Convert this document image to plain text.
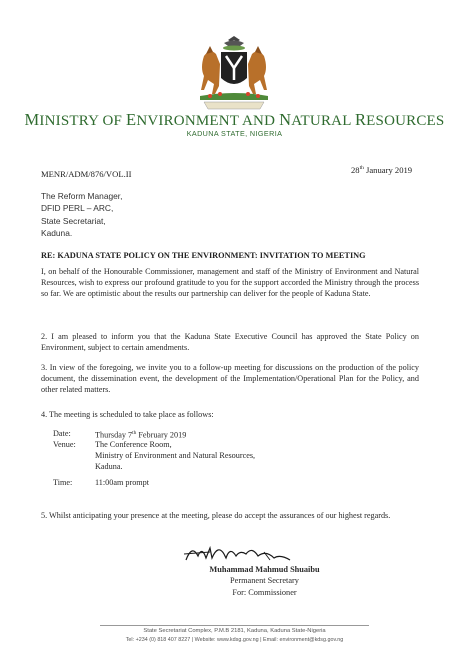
MINISTRY OF ENVIRONMENT AND NATURAL RESOURCES
KADUNA STATE, NIGERIA
MENR/ADM/876/VOL.II	28th January 2019
The Reform Manager,
DFID PERL – ARC,
State Secretariat,
Kaduna.
RE: KADUNA STATE POLICY ON THE ENVIRONMENT: INVITATION TO MEETING
I, on behalf of the Honourable Commissioner, management and staff of the Ministry of Environment and Natural Resources, wish to express our profound gratitude to you for the support accorded the Ministry through the process so far. We are optimistic about the results our partnership can deliver for the people of Kaduna State.
2. I am pleased to inform you that the Kaduna State Executive Council has approved the State Policy on Environment, subject to certain amendments.
3. In view of the foregoing, we invite you to a follow-up meeting for discussions on the production of the policy document, the dissemination event, the development of the Implementation/Operational Plan for the Policy, and other related matters.
4. The meeting is scheduled to take place as follows:
Date:	Thursday 7th February 2019
Venue:	The Conference Room,
Ministry of Environment and Natural Resources,
Kaduna.
Time:	11:00am prompt
5. Whilst anticipating your presence at the meeting, please do accept the assurances of our highest regards.
Muhammad Mahmud Shuaibu
Permanent Secretary
For: Commissioner
State Secretariat Complex, P.M.B 2181, Kaduna, Kaduna State-Nigeria
Tel: +234 (0) 818 407 8227 | Website: www.kdsg.gov.ng | Email: environment@kdsg.gov.ng
